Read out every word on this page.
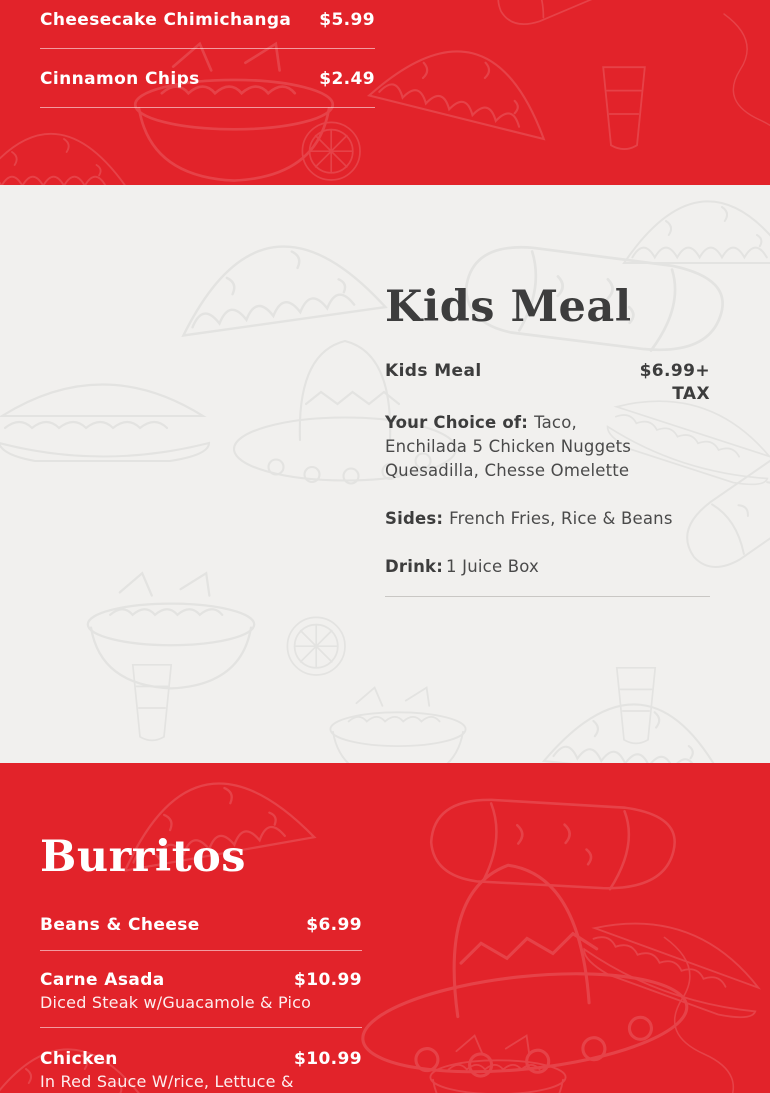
Cheesecake Chimichanga $5.99
Cinnamon Chips	$2.49
Kids Meal
Kids Meal	$6.99+
TAX

Your Choice of: Taco, Enchilada 5 Chicken Nuggets Quesadilla, Chesse Omelette

Sides: French Fries, Rice & Beans

Drink: 1 Juice Box

Burritos
Beans & Cheese	$6.99
Carne Asada	$10.99
Diced Steak w/Guacamole & Pico
Chicken	$10.99
In Red Sauce W/rice, Lettuce &
